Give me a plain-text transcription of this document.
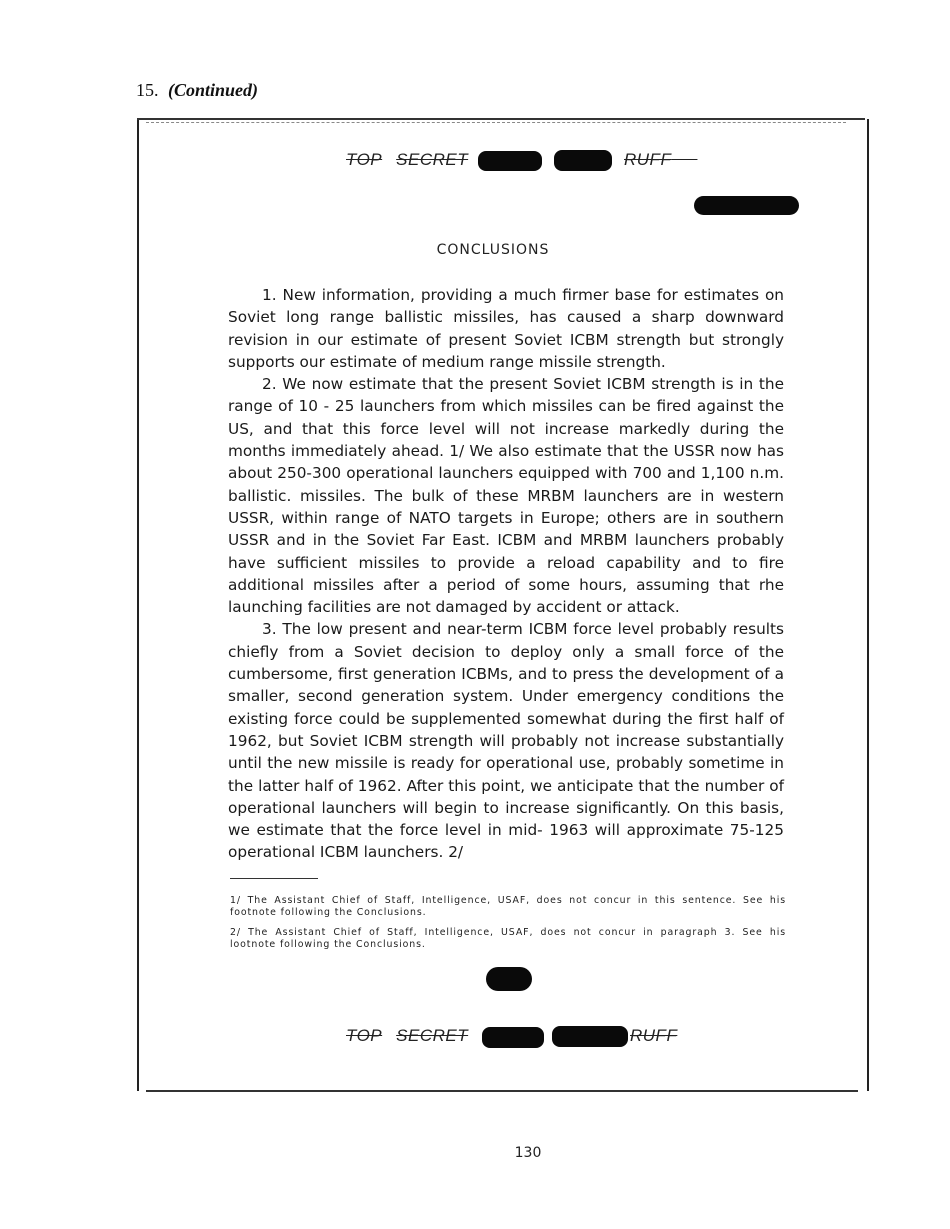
15. (Continued)
TOP SECRET	RUFF
CONCLUSIONS

1. New information, providing a much firmer base for estimates on Soviet long range ballistic missiles, has caused a sharp downward revision in our estimate of present Soviet ICBM strength but strongly supports our estimate of medium range missile strength.

2. We now estimate that the present Soviet ICBM strength is in the range of 10 - 25 launchers from which missiles can be fired against the US, and that this force level will not increase markedly during the months immediately ahead. 1/ We also estimate that the USSR now has about 250-300 operational launchers equipped with 700 and 1,100 n.m. ballistic. missiles. The bulk of these MRBM launchers are in western USSR, within range of NATO targets in Europe; others are in southern USSR and in the Soviet Far East. ICBM and MRBM launchers probably have sufficient missiles to provide a reload capability and to fire additional missiles after a period of some hours, assuming that rhe launching facilities are not damaged by accident or attack.

3. The low present and near-term ICBM force level probably results chiefly from a Soviet decision to deploy only a small force of the cumbersome, first generation ICBMs, and to press the development of a smaller, second generation system. Under emergency conditions the existing force could be supplemented somewhat during the first half of 1962, but Soviet ICBM strength will probably not increase substantially until the new missile is ready for operational use, probably sometime in the latter half of 1962. After this point, we anticipate that the number of operational launchers will begin to increase significantly. On this basis, we estimate that the force level in mid- 1963 will approximate 75-125 operational ICBM launchers. 2/

1/ The Assistant Chief of Staff, Intelligence, USAF, does not concur in this sentence. See his footnote following the Conclusions.
2/ The Assistant Chief of Staff, Intelligence, USAF, does not concur in paragraph 3. See his lootnote following the Conclusions.
TOP SECRET	RUFF
130
